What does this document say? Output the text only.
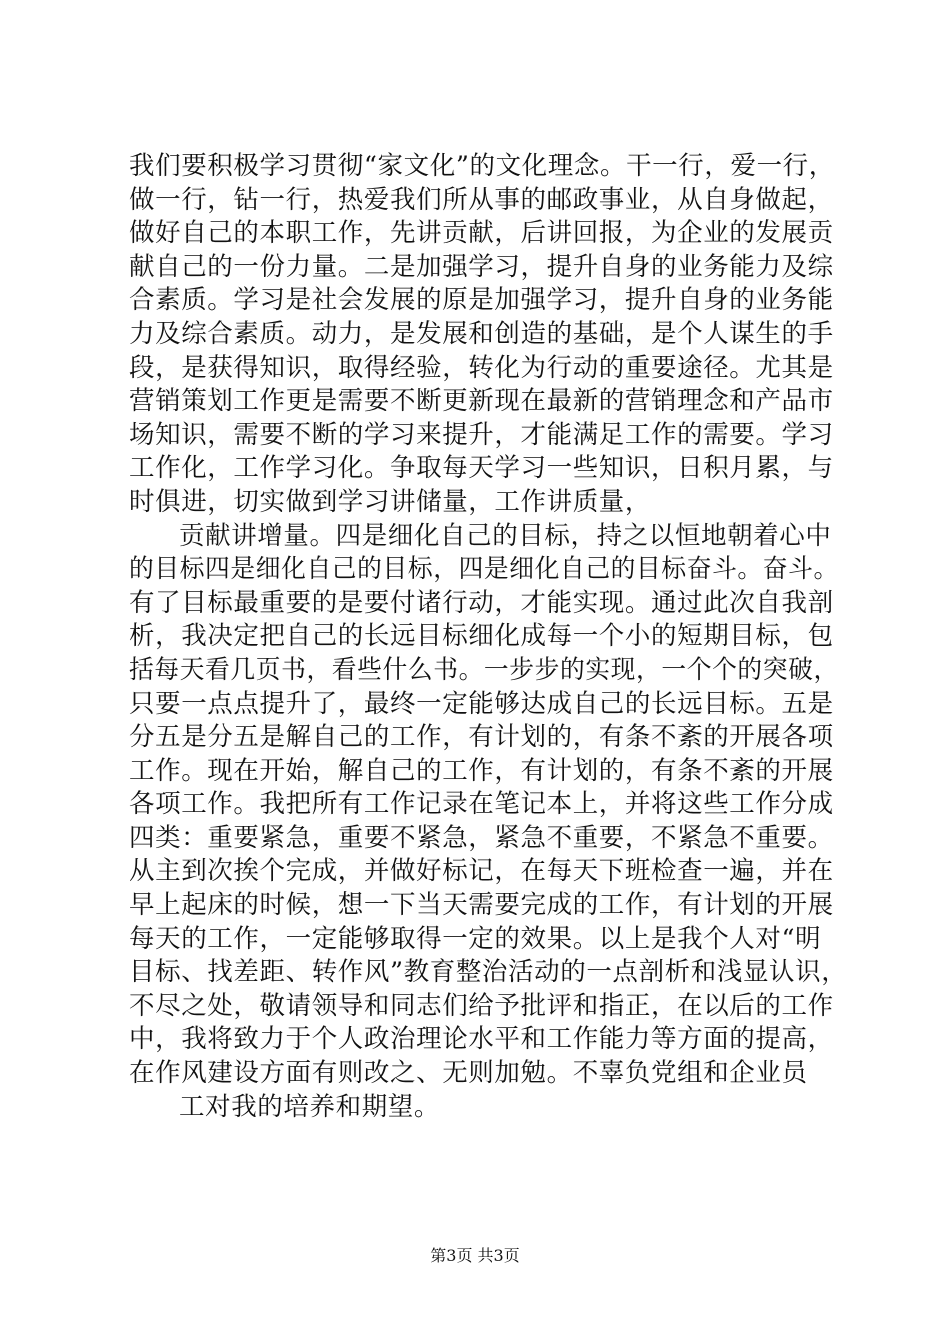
我们要积极学习贯彻“家文化”的文化理念。干一行，爱一行，
做一行，钻一行，热爱我们所从事的邮政事业，从自身做起，
做好自己的本职工作，先讲贡献，后讲回报，为企业的发展贡
献自己的一份力量。二是加强学习，提升自身的业务能力及综
合素质。学习是社会发展的原是加强学习，提升自身的业务能
力及综合素质。动力，是发展和创造的基础，是个人谋生的手
段，是获得知识，取得经验，转化为行动的重要途径。尤其是
营销策划工作更是需要不断更新现在最新的营销理念和产品市
场知识，需要不断的学习来提升，才能满足工作的需要。学习
工作化，工作学习化。争取每天学习一些知识，日积月累，与
时俱进，切实做到学习讲储量，工作讲质量，
贡献讲增量。四是细化自己的目标，持之以恒地朝着心中
的目标四是细化自己的目标，四是细化自己的目标奋斗。奋斗。
有了目标最重要的是要付诸行动，才能实现。通过此次自我剖
析，我决定把自己的长远目标细化成每一个小的短期目标，包
括每天看几页书，看些什么书。一步步的实现，一个个的突破，
只要一点点提升了，最终一定能够达成自己的长远目标。五是
分五是分五是解自己的工作，有计划的，有条不紊的开展各项
工作。现在开始，解自己的工作，有计划的，有条不紊的开展
各项工作。我把所有工作记录在笔记本上，并将这些工作分成
四类：重要紧急，重要不紧急，紧急不重要，不紧急不重要。
从主到次挨个完成，并做好标记，在每天下班检查一遍，并在
早上起床的时候，想一下当天需要完成的工作，有计划的开展
每天的工作，一定能够取得一定的效果。以上是我个人对“明
目标、找差距、转作风”教育整治活动的一点剖析和浅显认识，
不尽之处，敬请领导和同志们给予批评和指正，在以后的工作
中，我将致力于个人政治理论水平和工作能力等方面的提高，
在作风建设方面有则改之、无则加勉。不辜负党组和企业员
工对我的培养和期望。
第3页 共3页
